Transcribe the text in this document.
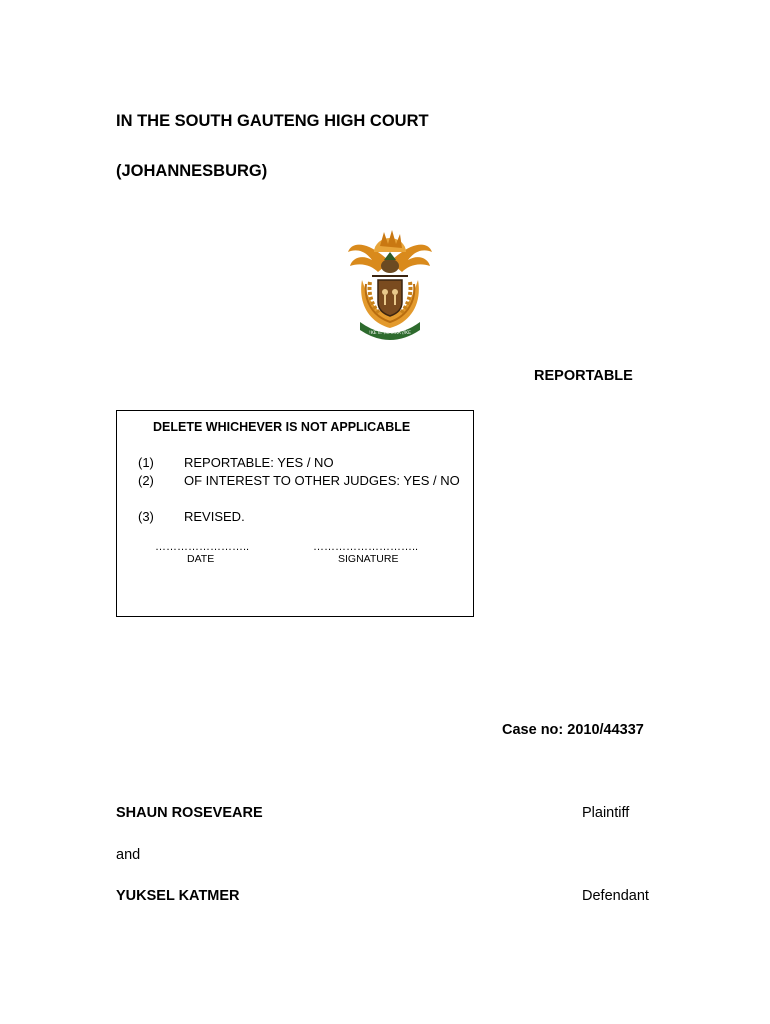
IN THE SOUTH GAUTENG HIGH COURT
(JOHANNESBURG)
!KE E: /XARRA //KE
REPORTABLE
DELETE WHICHEVER IS NOT APPLICABLE
(1) REPORTABLE: YES / NO
(2) OF INTEREST TO OTHER JUDGES: YES / NO
(3) REVISED.
……………………..	………………………..
DATE	SIGNATURE
Case no: 2010/44337
SHAUN ROSEVEARE	Plaintiff
and
YUKSEL KATMER	Defendant
